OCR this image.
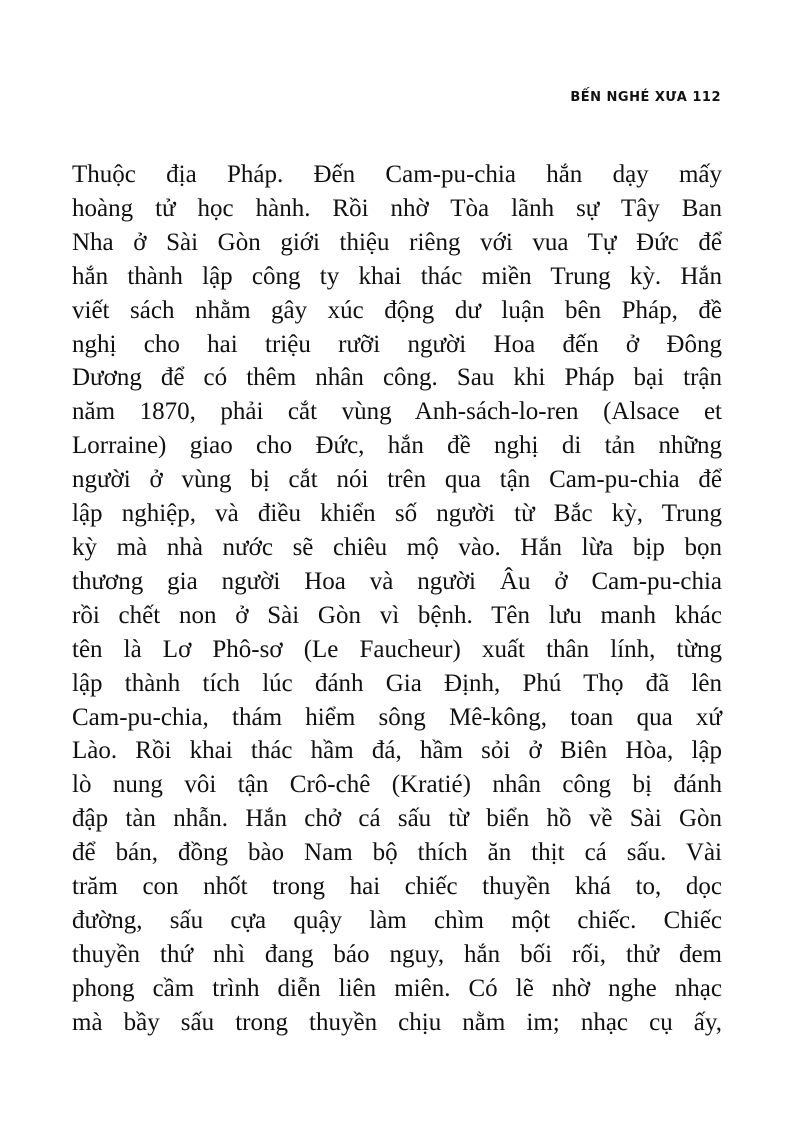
BẾN NGHÉ XƯA 112
Thuộc địa Pháp. Đến Cam-pu-chia hắn dạy mấy
hoàng tử học hành. Rồi nhờ Tòa lãnh sự Tây Ban
Nha ở Sài Gòn giới thiệu riêng với vua Tự Đức để
hắn thành lập công ty khai thác miền Trung kỳ. Hắn
viết sách nhằm gây xúc động dư luận bên Pháp, đề
nghị cho hai triệu rưỡi người Hoa đến ở Đông
Dương để có thêm nhân công. Sau khi Pháp bại trận
năm 1870, phải cắt vùng Anh-sách-lo-ren (Alsace et
Lorraine) giao cho Đức, hắn đề nghị di tản những
người ở vùng bị cắt nói trên qua tận Cam-pu-chia để
lập nghiệp, và điều khiển số người từ Bắc kỳ, Trung
kỳ mà nhà nước sẽ chiêu mộ vào. Hắn lừa bịp bọn
thương gia người Hoa và người Âu ở Cam-pu-chia
rồi chết non ở Sài Gòn vì bệnh. Tên lưu manh khác
tên là Lơ Phô-sơ (Le Faucheur) xuất thân lính, từng
lập thành tích lúc đánh Gia Định, Phú Thọ đã lên
Cam-pu-chia, thám hiểm sông Mê-kông, toan qua xứ
Lào. Rồi khai thác hầm đá, hầm sỏi ở Biên Hòa, lập
lò nung vôi tận Crô-chê (Kratié) nhân công bị đánh
đập tàn nhẫn. Hắn chở cá sấu từ biển hồ về Sài Gòn
để bán, đồng bào Nam bộ thích ăn thịt cá sấu. Vài
trăm con nhốt trong hai chiếc thuyền khá to, dọc
đường, sấu cựa quậy làm chìm một chiếc. Chiếc
thuyền thứ nhì đang báo nguy, hắn bối rối, thử đem
phong cầm trình diễn liên miên. Có lẽ nhờ nghe nhạc
mà bầy sấu trong thuyền chịu nằm im; nhạc cụ ấy,
